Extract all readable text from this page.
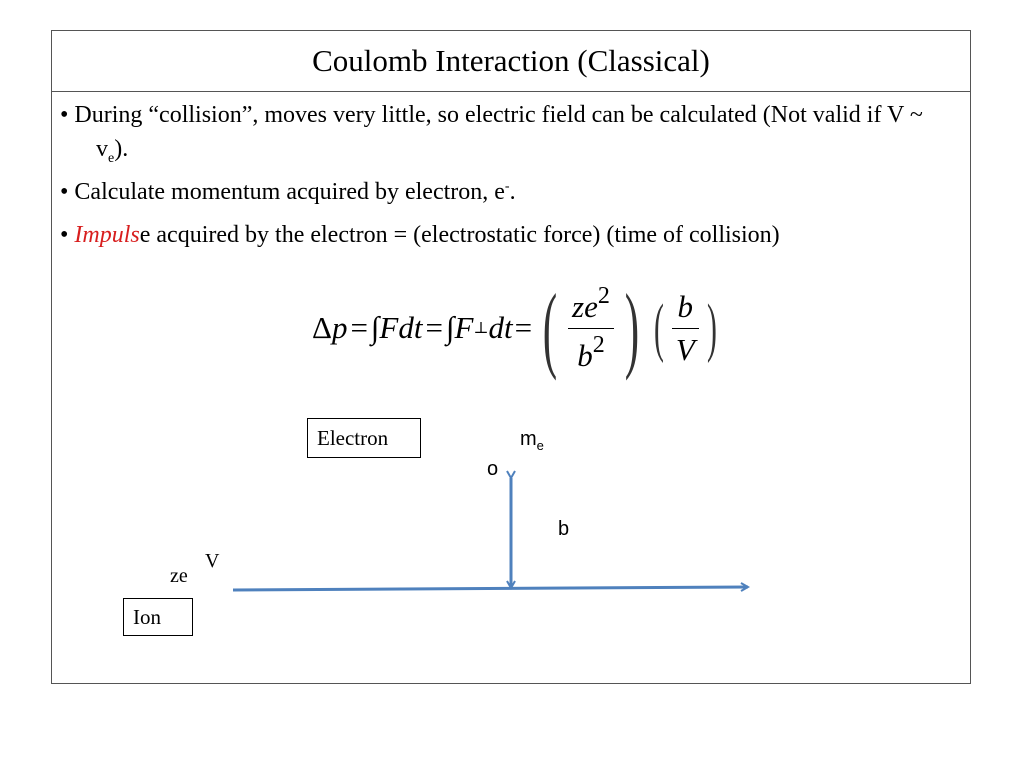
Coulomb Interaction (Classical)
• During “collision”, moves very little, so electric field can be calculated (Not valid if V ~ $v_e$).
• Calculate momentum acquired by electron, e-.
• Impulse acquired by the electron = (electrostatic force) (time of collision)
Δ p = ∫ Fdt = ∫ F ⊥ dt = ( $\frac{ze^2}{b^2}$ ) ( $\frac{b}{V}$ )
Electron	$m_e$
o
b
ze
V
Ion
